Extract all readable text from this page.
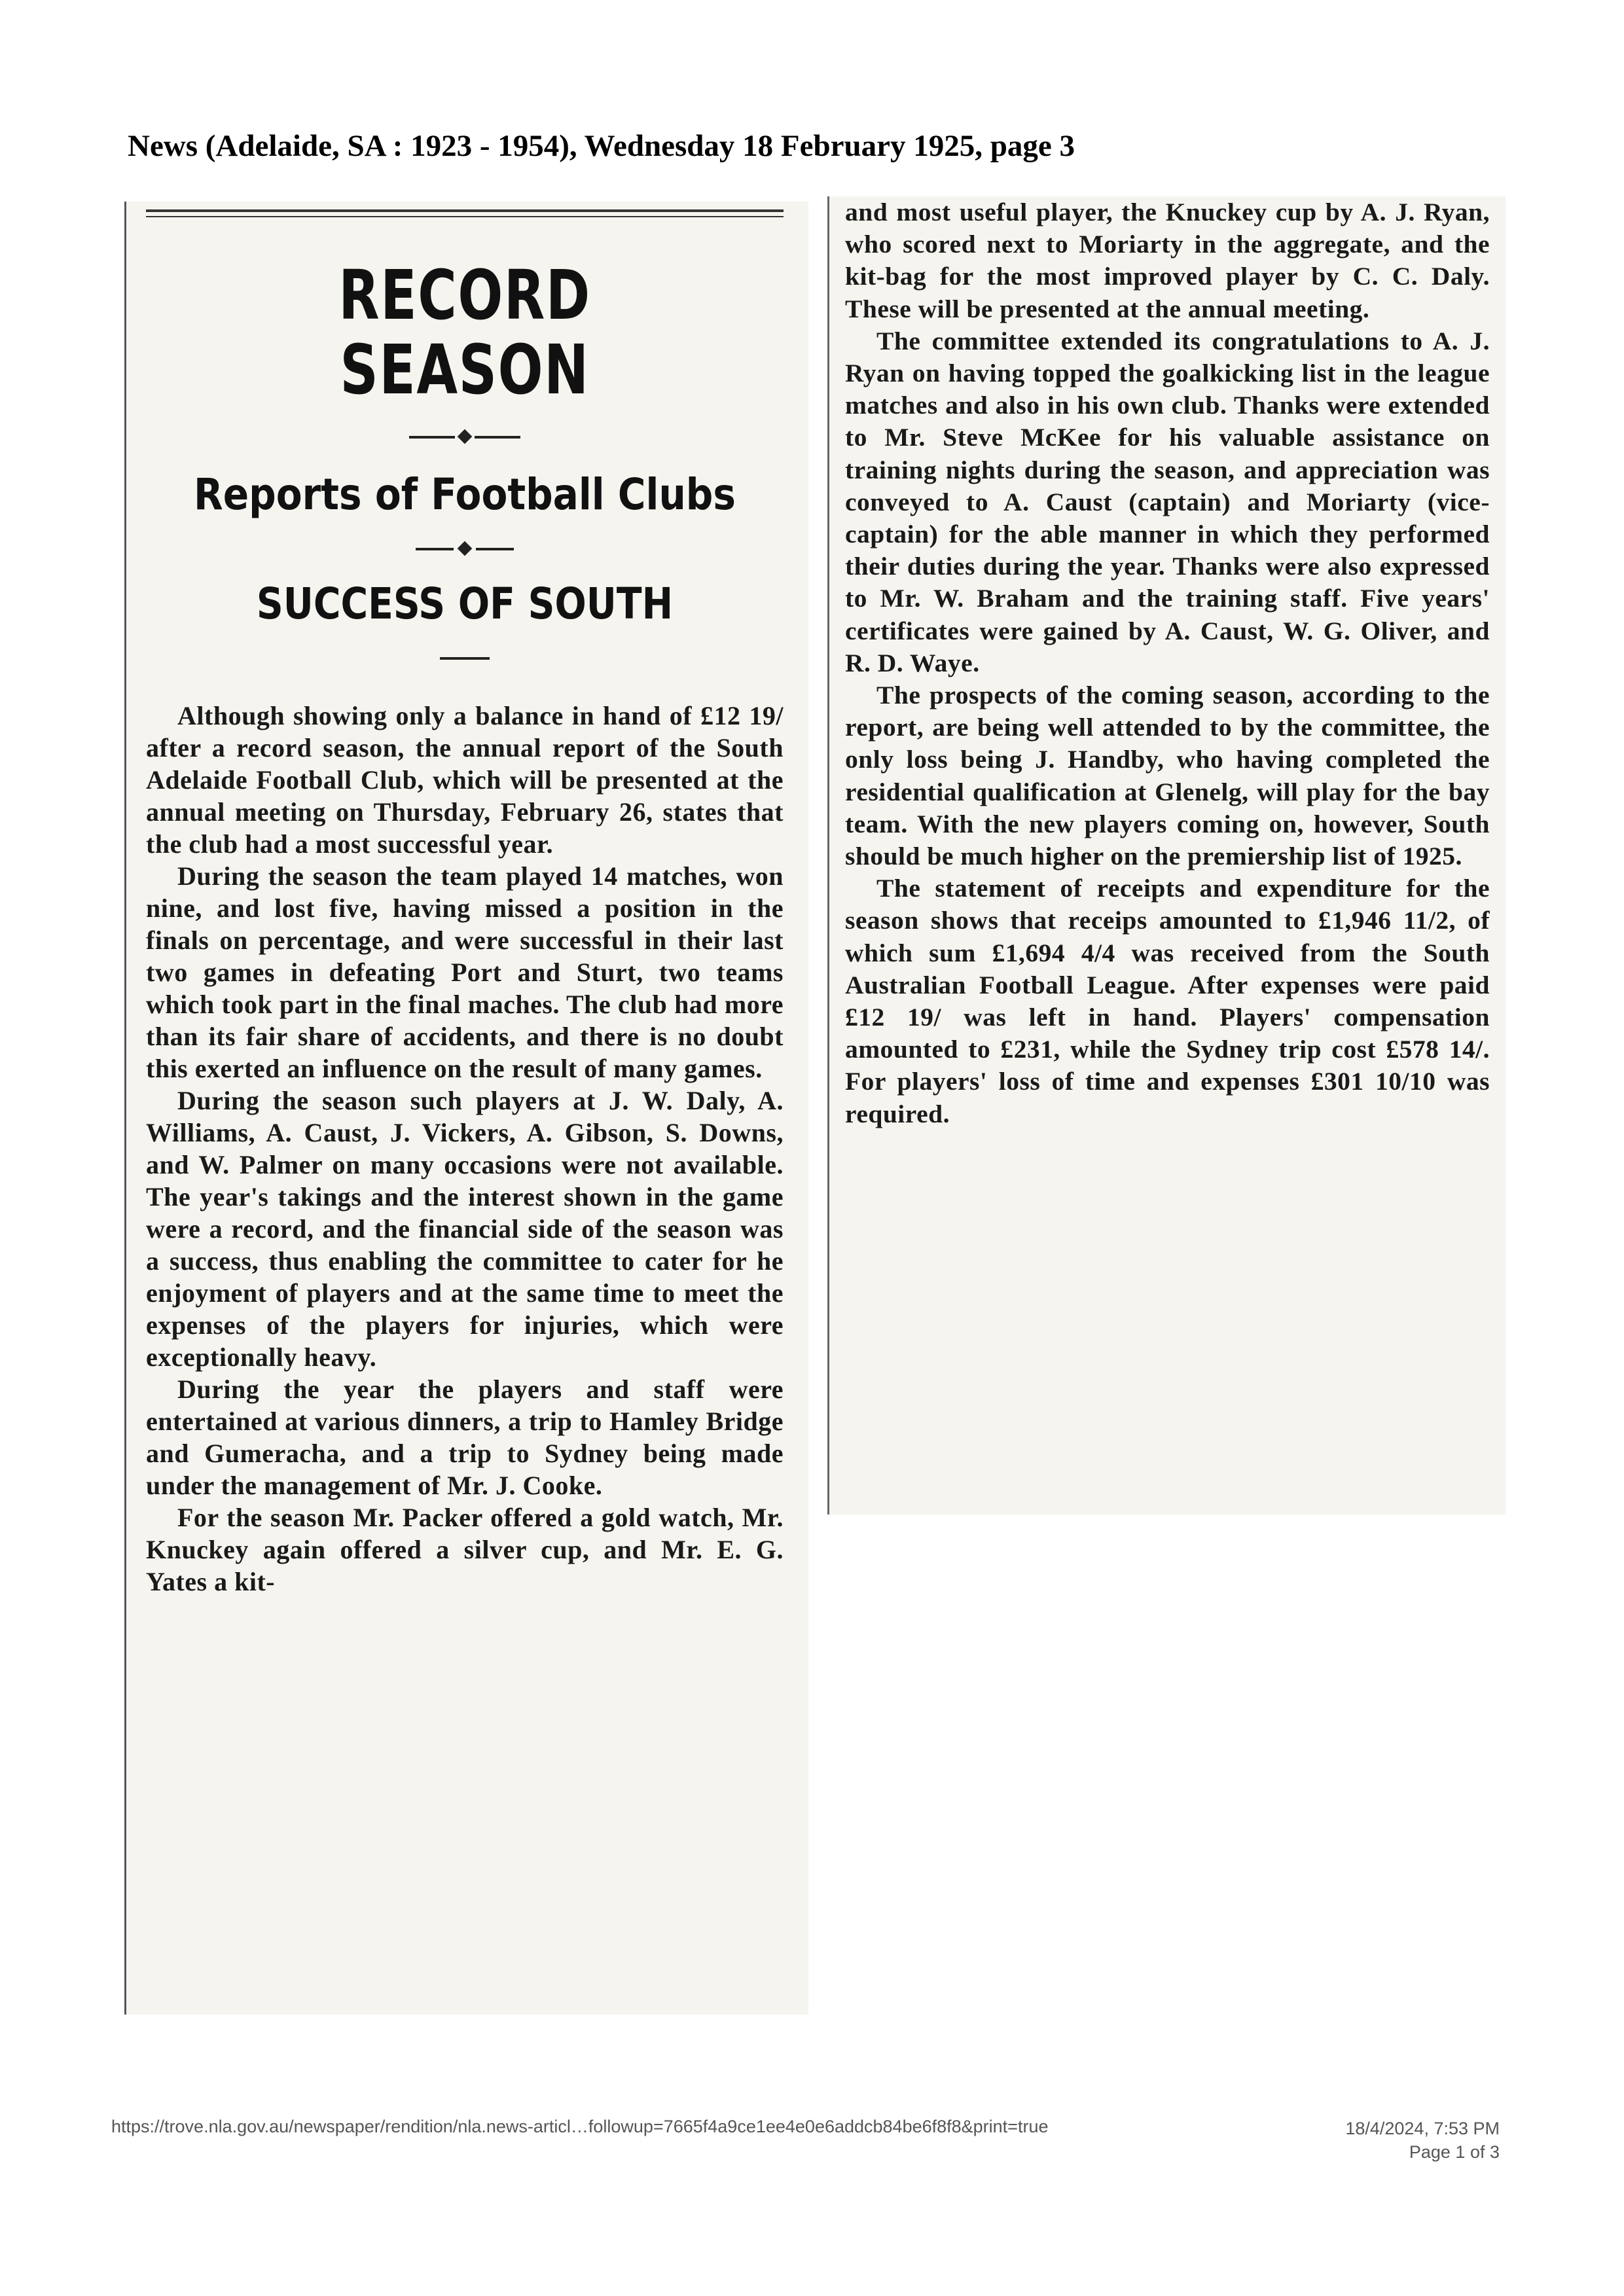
News (Adelaide, SA : 1923 - 1954), Wednesday 18 February 1925, page 3
RECORD SEASON
Reports of Football Clubs
SUCCESS OF SOUTH

Although showing only a balance in hand of £12 19/ after a record season, the annual report of the South Adelaide Football Club, which will be presented at the annual meeting on Thursday, February 26, states that the club had a most successful year.

During the season the team played 14 matches, won nine, and lost five, having missed a position in the finals on percentage, and were successful in their last two games in defeating Port and Sturt, two teams which took part in the final maches. The club had more than its fair share of accidents, and there is no doubt this exerted an influence on the result of many games.

During the season such players at J. W. Daly, A. Williams, A. Caust, J. Vickers, A. Gibson, S. Downs, and W. Palmer on many occasions were not available. The year's takings and the interest shown in the game were a record, and the financial side of the season was a success, thus enabling the committee to cater for he enjoyment of players and at the same time to meet the expenses of the players for injuries, which were exceptionally heavy.

During the year the players and staff were entertained at various dinners, a trip to Hamley Bridge and Gumeracha, and a trip to Sydney being made under the management of Mr. J. Cooke.

For the season Mr. Packer offered a gold watch, Mr. Knuckey again offered a silver cup, and Mr. E. G. Yates a kit-

and most useful player, the Knuckey cup by A. J. Ryan, who scored next to Moriarty in the aggregate, and the kit-bag for the most improved player by C. C. Daly. These will be presented at the annual meeting.

The committee extended its congratulations to A. J. Ryan on having topped the goalkicking list in the league matches and also in his own club. Thanks were extended to Mr. Steve McKee for his valuable assistance on training nights during the season, and appreciation was conveyed to A. Caust (captain) and Moriarty (vice-captain) for the able manner in which they performed their duties during the year. Thanks were also expressed to Mr. W. Braham and the training staff. Five years' certificates were gained by A. Caust, W. G. Oliver, and R. D. Waye.

The prospects of the coming season, according to the report, are being well attended to by the committee, the only loss being J. Handby, who having completed the residential qualification at Glenelg, will play for the bay team. With the new players coming on, however, South should be much higher on the premiership list of 1925.

The statement of receipts and expenditure for the season shows that receips amounted to £1,946 11/2, of which sum £1,694 4/4 was received from the South Australian Football League. After expenses were paid £12 19/ was left in hand. Players' compensation amounted to £231, while the Sydney trip cost £578 14/. For players' loss of time and expenses £301 10/10 was required.

https://trove.nla.gov.au/newspaper/rendition/nla.news-articl…followup=7665f4a9ce1ee4e0e6addcb84be6f8f8&print=true	18/4/2024, 7:53 PM
Page 1 of 3
